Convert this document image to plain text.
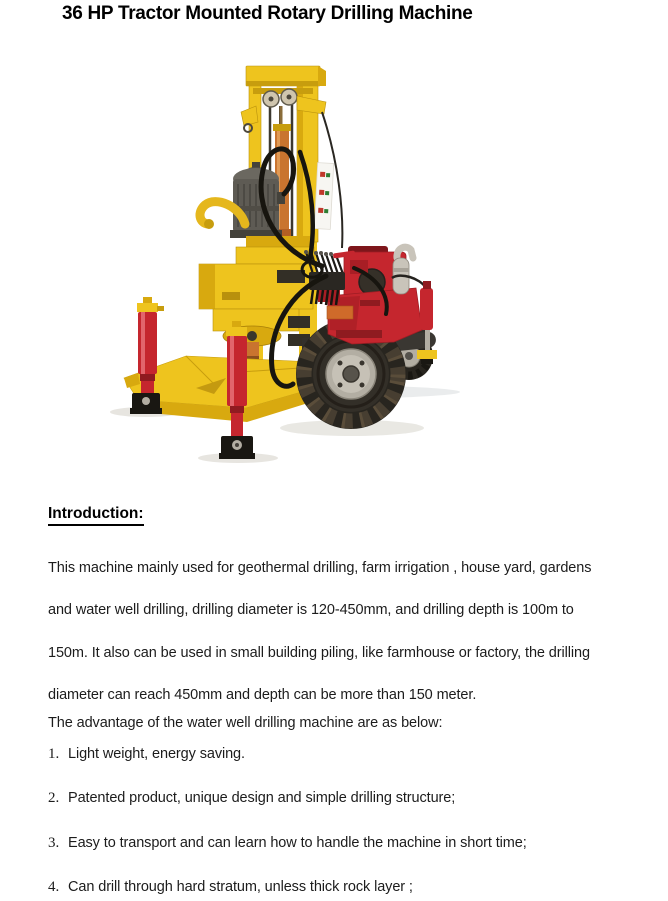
36 HP Tractor Mounted Rotary Drilling Machine
Introduction:
This machine mainly used for geothermal drilling, farm irrigation , house yard, gardens
and water well drilling, drilling diameter is 120-450mm, and drilling depth is 100m to
150m. It also can be used in small building piling, like farmhouse or factory, the drilling
diameter can reach 450mm and depth can be more than 150 meter.
The advantage of the water well drilling machine are as below:
1. Light weight, energy saving.
2. Patented product, unique design and simple drilling structure;
3. Easy to transport and can learn how to handle the machine in short time;
4. Can drill through hard stratum, unless thick rock layer ;
